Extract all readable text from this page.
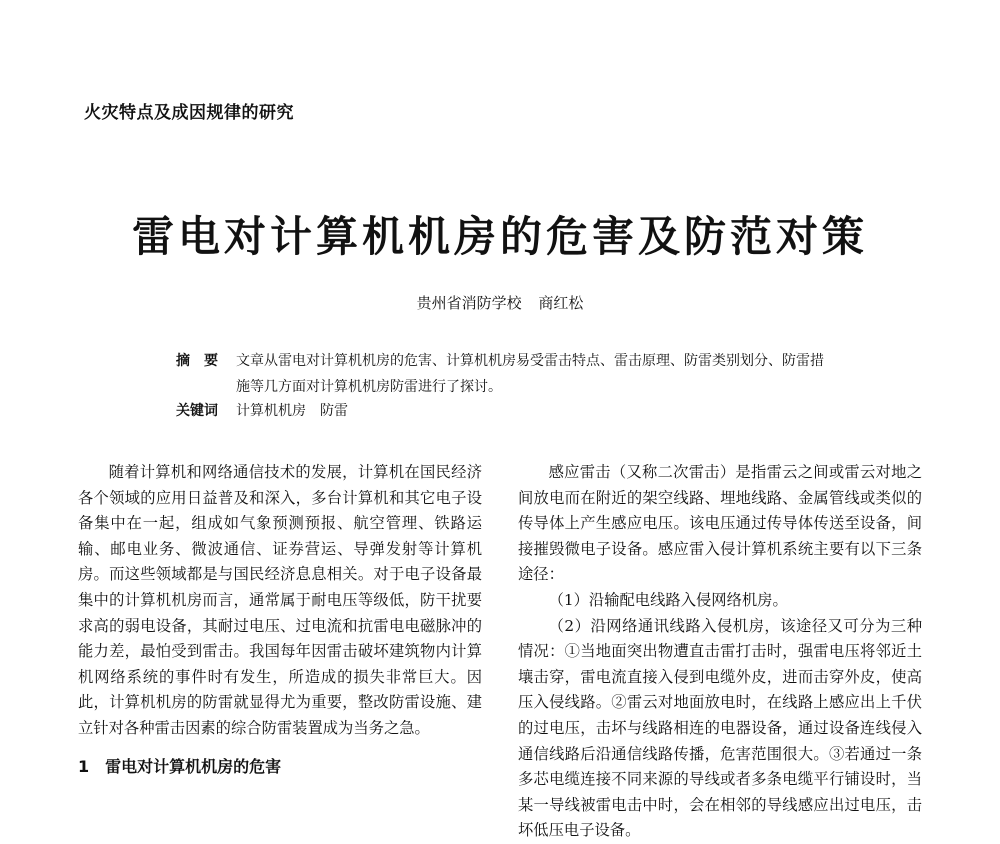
火灾特点及成因规律的研究
雷电对计算机机房的危害及防范对策
贵州省消防学校 商红松
摘　要	文章从雷电对计算机机房的危害、计算机机房易受雷击特点、雷击原理、防雷类别划分、防雷措施等几方面对计算机机房防雷进行了探讨。
关键词	计算机机房　防雷

随着计算机和网络通信技术的发展，计算机在国民经济各个领域的应用日益普及和深入，多台计算机和其它电子设备集中在一起，组成如气象预测预报、航空管理、铁路运输、邮电业务、微波通信、证券营运、导弹发射等计算机房。而这些领域都是与国民经济息息相关。对于电子设备最集中的计算机机房而言，通常属于耐电压等级低，防干扰要求高的弱电设备，其耐过电压、过电流和抗雷电电磁脉冲的能力差，最怕受到雷击。我国每年因雷击破坏建筑物内计算机网络系统的事件时有发生，所造成的损失非常巨大。因此，计算机机房的防雷就显得尤为重要，整改防雷设施、建立针对各种雷击因素的综合防雷装置成为当务之急。

1　雷电对计算机机房的危害

感应雷击（又称二次雷击）是指雷云之间或雷云对地之间放电而在附近的架空线路、埋地线路、金属管线或类似的传导体上产生感应电压。该电压通过传导体传送至设备，间接摧毁微电子设备。感应雷入侵计算机系统主要有以下三条途径：

（1）沿输配电线路入侵网络机房。

（2）沿网络通讯线路入侵机房，该途径又可分为三种情况：①当地面突出物遭直击雷打击时，强雷电压将邻近土壤击穿，雷电流直接入侵到电缆外皮，进而击穿外皮，使高压入侵线路。②雷云对地面放电时，在线路上感应出上千伏的过电压，击坏与线路相连的电器设备，通过设备连线侵入通信线路后沿通信线路传播，危害范围很大。③若通过一条多芯电缆连接不同来源的导线或者多条电缆平行铺设时，当某一导线被雷电击中时，会在相邻的导线感应出过电压，击坏低压电子设备。
